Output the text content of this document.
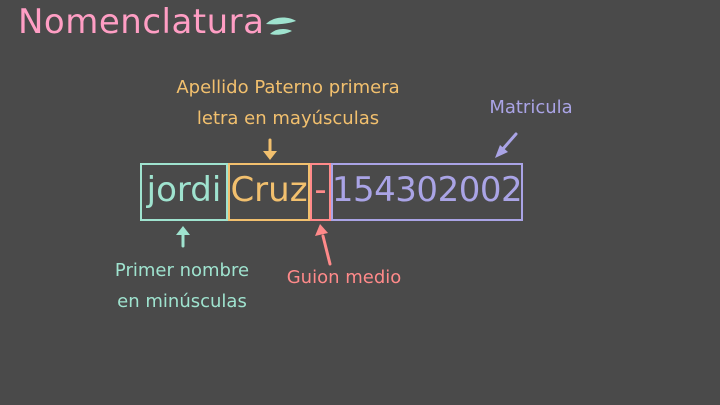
Nomenclatura
jordi Cruz - 154302002
Apellido Paterno primera
letra en mayúsculas
Matricula
Primer nombre
en minúsculas
Guion medio
